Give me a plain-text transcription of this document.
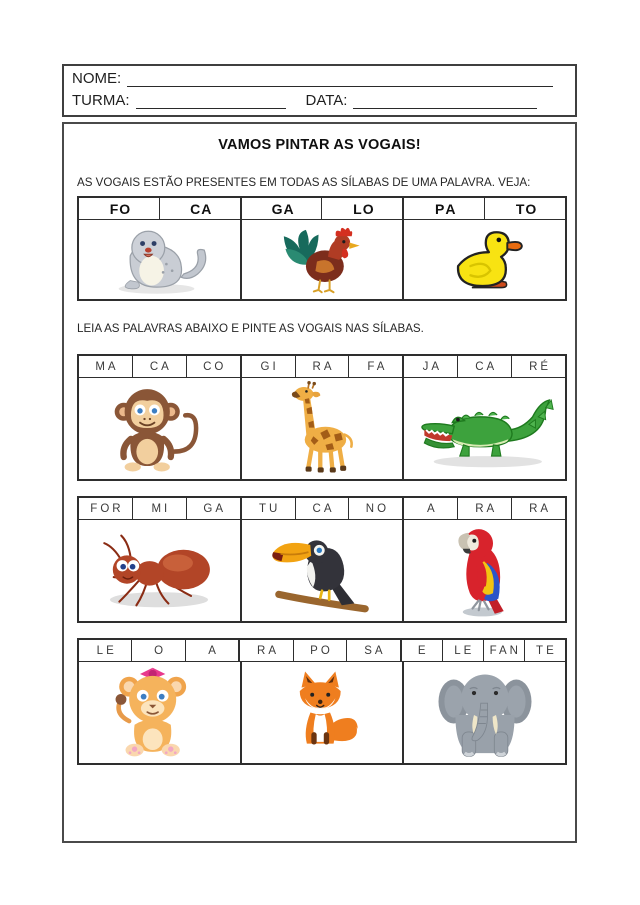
NOME:
TURMA:	DATA:
VAMOS PINTAR AS VOGAIS!
AS VOGAIS ESTÃO PRESENTES EM TODAS AS SÍLABAS DE UMA PALAVRA. VEJA:
F O	C A	G A	L O	P A	T O
LEIA AS PALAVRAS ABAIXO E PINTE AS VOGAIS NAS SÍLABAS.
MA	CA	CO	GI	RA	FA	JA	CA	RÉ
FOR	MI	GA	TU	CA	NO	A	RA	RA
LE	O	A	RA	PO	SA	E	LE	FAN	TE
